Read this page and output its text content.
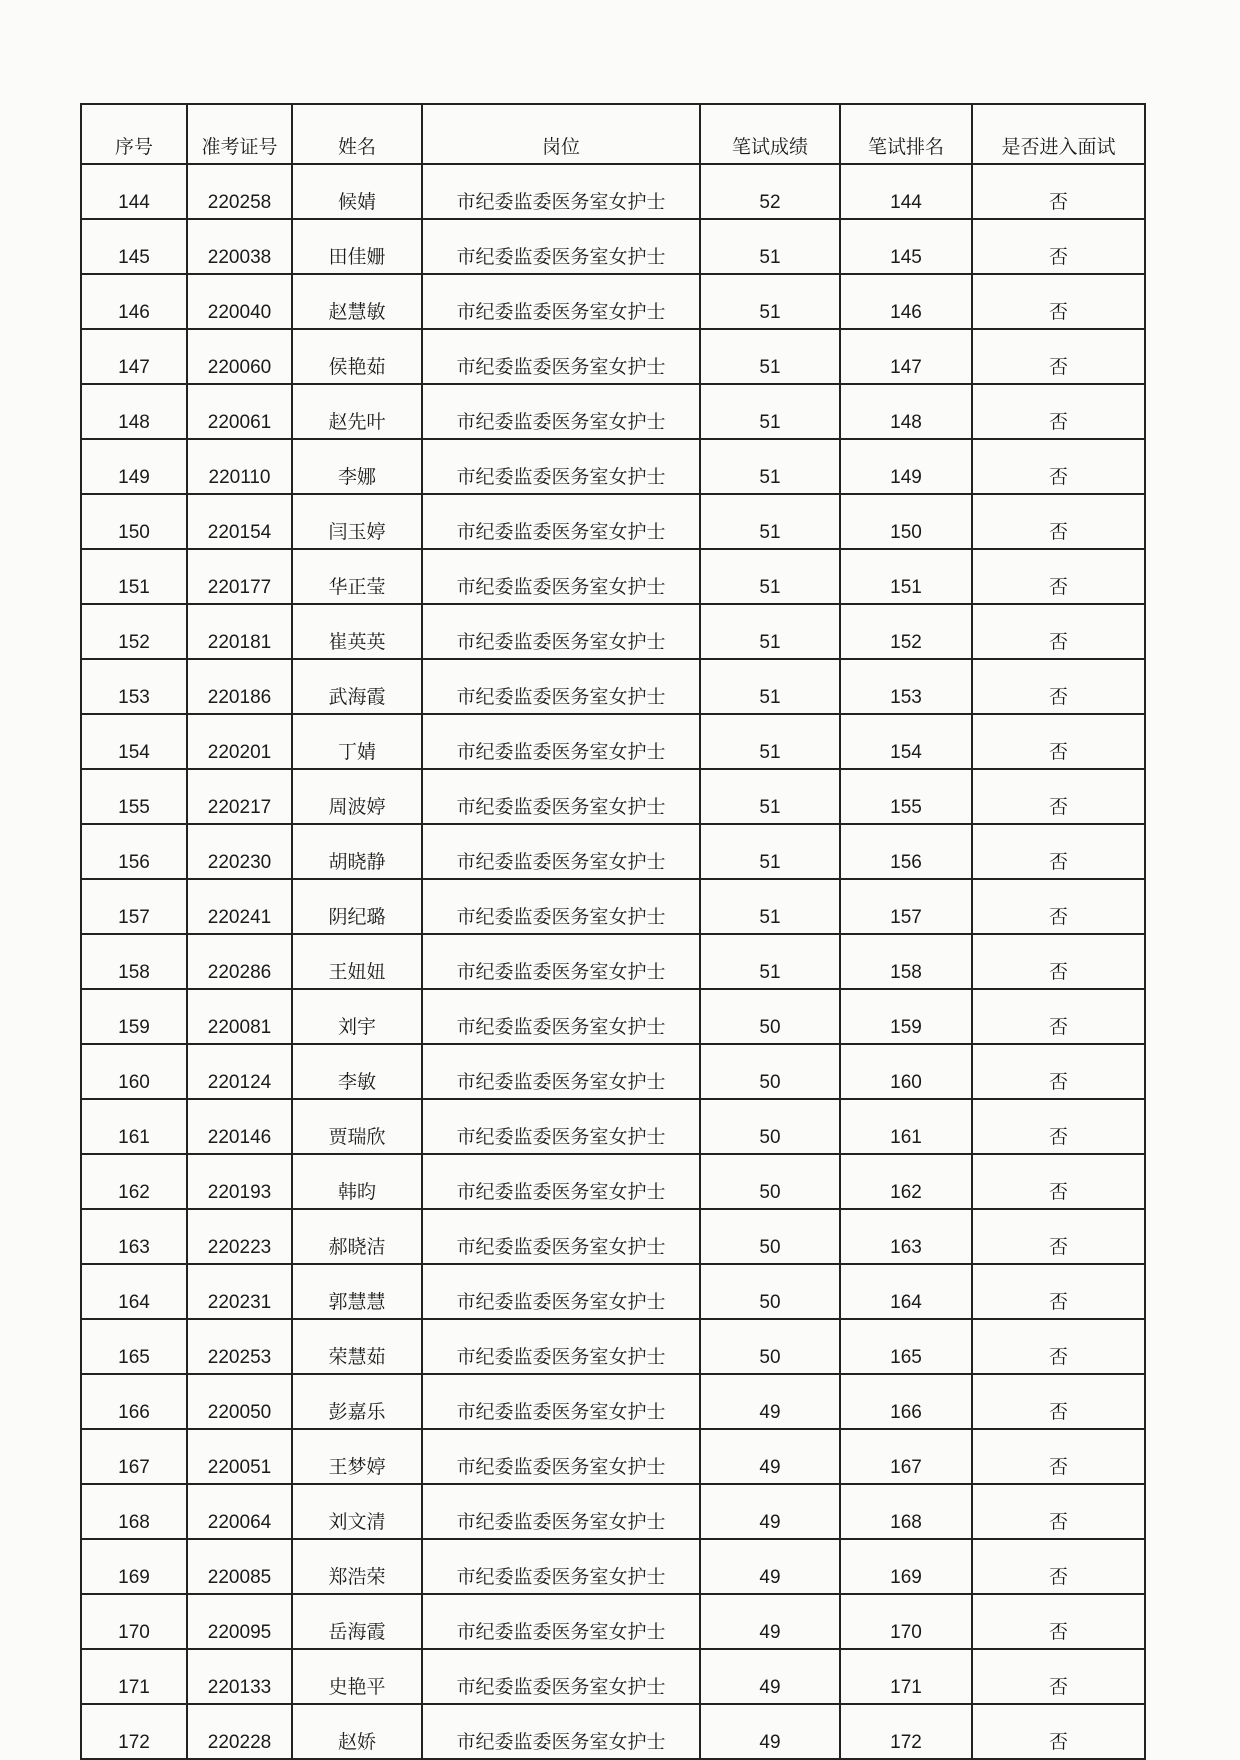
序号	准考证号	姓名	岗位	笔试成绩	笔试排名	是否进入面试
144	220258	候婧	市纪委监委医务室女护士	52	144	否
145	220038	田佳姗	市纪委监委医务室女护士	51	145	否
146	220040	赵慧敏	市纪委监委医务室女护士	51	146	否
147	220060	侯艳茹	市纪委监委医务室女护士	51	147	否
148	220061	赵先叶	市纪委监委医务室女护士	51	148	否
149	220110	李娜	市纪委监委医务室女护士	51	149	否
150	220154	闫玉婷	市纪委监委医务室女护士	51	150	否
151	220177	华正莹	市纪委监委医务室女护士	51	151	否
152	220181	崔英英	市纪委监委医务室女护士	51	152	否
153	220186	武海霞	市纪委监委医务室女护士	51	153	否
154	220201	丁婧	市纪委监委医务室女护士	51	154	否
155	220217	周波婷	市纪委监委医务室女护士	51	155	否
156	220230	胡晓静	市纪委监委医务室女护士	51	156	否
157	220241	阴纪璐	市纪委监委医务室女护士	51	157	否
158	220286	王妞妞	市纪委监委医务室女护士	51	158	否
159	220081	刘宇	市纪委监委医务室女护士	50	159	否
160	220124	李敏	市纪委监委医务室女护士	50	160	否
161	220146	贾瑞欣	市纪委监委医务室女护士	50	161	否
162	220193	韩昀	市纪委监委医务室女护士	50	162	否
163	220223	郝晓洁	市纪委监委医务室女护士	50	163	否
164	220231	郭慧慧	市纪委监委医务室女护士	50	164	否
165	220253	荣慧茹	市纪委监委医务室女护士	50	165	否
166	220050	彭嘉乐	市纪委监委医务室女护士	49	166	否
167	220051	王梦婷	市纪委监委医务室女护士	49	167	否
168	220064	刘文清	市纪委监委医务室女护士	49	168	否
169	220085	郑浩荣	市纪委监委医务室女护士	49	169	否
170	220095	岳海霞	市纪委监委医务室女护士	49	170	否
171	220133	史艳平	市纪委监委医务室女护士	49	171	否
172	220228	赵娇	市纪委监委医务室女护士	49	172	否
